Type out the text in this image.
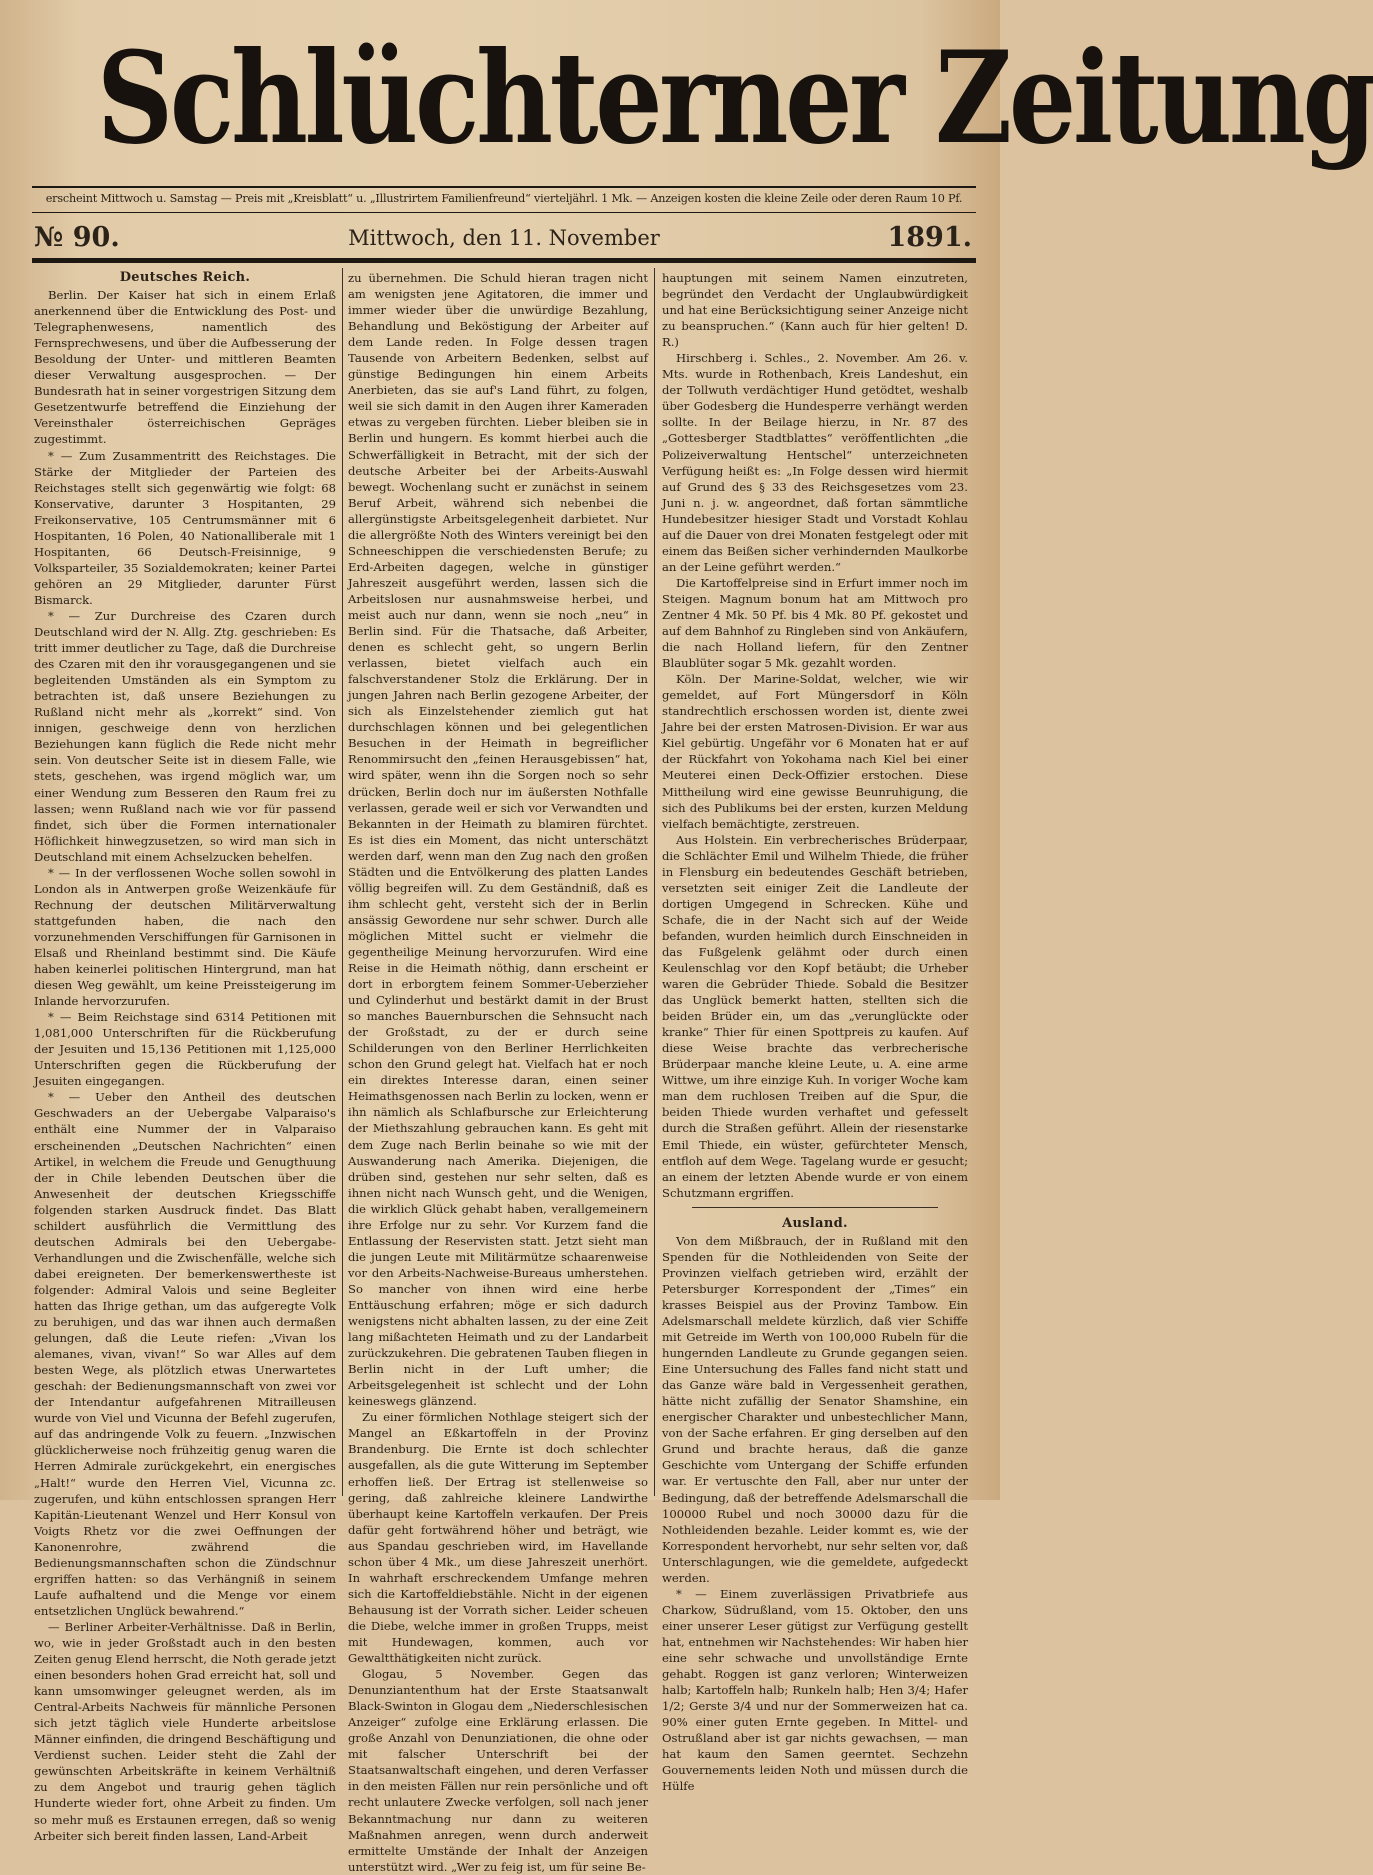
Schlüchterner Zeitung
erscheint Mittwoch u. Samstag — Preis mit „Kreisblatt“ u. „Illustrirtem Familienfreund“ vierteljährl. 1 Mk. — Anzeigen kosten die kleine Zeile oder deren Raum 10 Pf.
№ 90.	Mittwoch, den 11. November	1891.
Deutsches Reich.

Berlin. Der Kaiser hat sich in einem Erlaß anerkennend über die Entwicklung des Post- und Telegraphenwesens, namentlich des Fernsprechwesens, und über die Aufbesserung der Besoldung der Unter- und mittleren Beamten dieser Verwaltung ausgesprochen. — Der Bundesrath hat in seiner vorgestrigen Sitzung dem Gesetzentwurfe betreffend die Einziehung der Vereinsthaler österreichischen Gepräges zugestimmt.

* — Zum Zusammentritt des Reichstages. Die Stärke der Mitglieder der Parteien des Reichstages stellt sich gegenwärtig wie folgt: 68 Konservative, darunter 3 Hospitanten, 29 Freikonservative, 105 Centrumsmänner mit 6 Hospitanten, 16 Polen, 40 Nationalliberale mit 1 Hospitanten, 66 Deutsch-Freisinnige, 9 Volksparteiler, 35 Sozialdemokraten; keiner Partei gehören an 29 Mitglieder, darunter Fürst Bismarck.

* — Zur Durchreise des Czaren durch Deutschland wird der N. Allg. Ztg. geschrieben: Es tritt immer deutlicher zu Tage, daß die Durchreise des Czaren mit den ihr vorausgegangenen und sie begleitenden Umständen als ein Symptom zu betrachten ist, daß unsere Beziehungen zu Rußland nicht mehr als „korrekt“ sind. Von innigen, geschweige denn von herzlichen Beziehungen kann füglich die Rede nicht mehr sein. Von deutscher Seite ist in diesem Falle, wie stets, geschehen, was irgend möglich war, um einer Wendung zum Besseren den Raum frei zu lassen; wenn Rußland nach wie vor für passend findet, sich über die Formen internationaler Höflichkeit hinwegzusetzen, so wird man sich in Deutschland mit einem Achselzucken behelfen.

* — In der verflossenen Woche sollen sowohl in London als in Antwerpen große Weizenkäufe für Rechnung der deutschen Militärverwaltung stattgefunden haben, die nach den vorzunehmenden Verschiffungen für Garnisonen in Elsaß und Rheinland bestimmt sind. Die Käufe haben keinerlei politischen Hintergrund, man hat diesen Weg gewählt, um keine Preissteigerung im Inlande hervorzurufen.

* — Beim Reichstage sind 6314 Petitionen mit 1,081,000 Unterschriften für die Rückberufung der Jesuiten und 15,136 Petitionen mit 1,125,000 Unterschriften gegen die Rückberufung der Jesuiten eingegangen.

* — Ueber den Antheil des deutschen Geschwaders an der Uebergabe Valparaiso's enthält eine Nummer der in Valparaiso erscheinenden „Deutschen Nachrichten“ einen Artikel, in welchem die Freude und Genugthuung der in Chile lebenden Deutschen über die Anwesenheit der deutschen Kriegsschiffe folgenden starken Ausdruck findet. Das Blatt schildert ausführlich die Vermittlung des deutschen Admirals bei den Uebergabe-Verhandlungen und die Zwischenfälle, welche sich dabei ereigneten. Der bemerkenswertheste ist folgender: Admiral Valois und seine Begleiter hatten das Ihrige gethan, um das aufgeregte Volk zu beruhigen, und das war ihnen auch dermaßen gelungen, daß die Leute riefen: „Vivan los alemanes, vivan, vivan!“ So war Alles auf dem besten Wege, als plötzlich etwas Unerwartetes geschah: der Bedienungsmannschaft von zwei vor der Intendantur aufgefahrenen Mitrailleusen wurde von Viel und Vicunna der Befehl zugerufen, auf das andringende Volk zu feuern. „Inzwischen glücklicherweise noch frühzeitig genug waren die Herren Admirale zurückgekehrt, ein energisches „Halt!“ wurde den Herren Viel, Vicunna zc. zugerufen, und kühn entschlossen sprangen Herr Kapitän-Lieutenant Wenzel und Herr Konsul von Voigts Rhetz vor die zwei Oeffnungen der Kanonenrohre, zwährend die Bedienungsmannschaften schon die Zündschnur ergriffen hatten: so das Verhängniß in seinem Laufe aufhaltend und die Menge vor einem entsetzlichen Unglück bewahrend.“

— Berliner Arbeiter-Verhältnisse. Daß in Berlin, wo, wie in jeder Großstadt auch in den besten Zeiten genug Elend herrscht, die Noth gerade jetzt einen besonders hohen Grad erreicht hat, soll und kann umsomwinger geleugnet werden, als im Central-Arbeits Nachweis für männliche Personen sich jetzt täglich viele Hunderte arbeitslose Männer einfinden, die dringend Beschäftigung und Verdienst suchen. Leider steht die Zahl der gewünschten Arbeitskräfte in keinem Verhältniß zu dem Angebot und traurig gehen täglich Hunderte wieder fort, ohne Arbeit zu finden. Um so mehr muß es Erstaunen erregen, daß so wenig Arbeiter sich bereit finden lassen, Land-Arbeit

zu übernehmen. Die Schuld hieran tragen nicht am wenigsten jene Agitatoren, die immer und immer wieder über die unwürdige Bezahlung, Behandlung und Beköstigung der Arbeiter auf dem Lande reden. In Folge dessen tragen Tausende von Arbeitern Bedenken, selbst auf günstige Bedingungen hin einem Arbeits Anerbieten, das sie auf's Land führt, zu folgen, weil sie sich damit in den Augen ihrer Kameraden etwas zu vergeben fürchten. Lieber bleiben sie in Berlin und hungern. Es kommt hierbei auch die Schwerfälligkeit in Betracht, mit der sich der deutsche Arbeiter bei der Arbeits-Auswahl bewegt. Wochenlang sucht er zunächst in seinem Beruf Arbeit, während sich nebenbei die allergünstigste Arbeitsgelegenheit darbietet. Nur die allergrößte Noth des Winters vereinigt bei den Schneeschippen die verschiedensten Berufe; zu Erd-Arbeiten dagegen, welche in günstiger Jahreszeit ausgeführt werden, lassen sich die Arbeitslosen nur ausnahmsweise herbei, und meist auch nur dann, wenn sie noch „neu“ in Berlin sind. Für die Thatsache, daß Arbeiter, denen es schlecht geht, so ungern Berlin verlassen, bietet vielfach auch ein falschverstandener Stolz die Erklärung. Der in jungen Jahren nach Berlin gezogene Arbeiter, der sich als Einzelstehender ziemlich gut hat durchschlagen können und bei gelegentlichen Besuchen in der Heimath in begreiflicher Renommirsucht den „feinen Herausgebissen“ hat, wird später, wenn ihn die Sorgen noch so sehr drücken, Berlin doch nur im äußersten Nothfalle verlassen, gerade weil er sich vor Verwandten und Bekannten in der Heimath zu blamiren fürchtet. Es ist dies ein Moment, das nicht unterschätzt werden darf, wenn man den Zug nach den großen Städten und die Entvölkerung des platten Landes völlig begreifen will. Zu dem Geständniß, daß es ihm schlecht geht, versteht sich der in Berlin ansässig Gewordene nur sehr schwer. Durch alle möglichen Mittel sucht er vielmehr die gegentheilige Meinung hervorzurufen. Wird eine Reise in die Heimath nöthig, dann erscheint er dort in erborgtem feinem Sommer-Ueberzieher und Cylinderhut und bestärkt damit in der Brust so manches Bauernburschen die Sehnsucht nach der Großstadt, zu der er durch seine Schilderungen von den Berliner Herrlichkeiten schon den Grund gelegt hat. Vielfach hat er noch ein direktes Interesse daran, einen seiner Heimathsgenossen nach Berlin zu locken, wenn er ihn nämlich als Schlafbursche zur Erleichterung der Miethszahlung gebrauchen kann. Es geht mit dem Zuge nach Berlin beinahe so wie mit der Auswanderung nach Amerika. Diejenigen, die drüben sind, gestehen nur sehr selten, daß es ihnen nicht nach Wunsch geht, und die Wenigen, die wirklich Glück gehabt haben, verallgemeinern ihre Erfolge nur zu sehr. Vor Kurzem fand die Entlassung der Reservisten statt. Jetzt sieht man die jungen Leute mit Militärmütze schaarenweise vor den Arbeits-Nachweise-Bureaus umherstehen. So mancher von ihnen wird eine herbe Enttäuschung erfahren; möge er sich dadurch wenigstens nicht abhalten lassen, zu der eine Zeit lang mißachteten Heimath und zu der Landarbeit zurückzukehren. Die gebratenen Tauben fliegen in Berlin nicht in der Luft umher; die Arbeitsgelegenheit ist schlecht und der Lohn keineswegs glänzend.

Zu einer förmlichen Nothlage steigert sich der Mangel an Eßkartoffeln in der Provinz Brandenburg. Die Ernte ist doch schlechter ausgefallen, als die gute Witterung im September erhoffen ließ. Der Ertrag ist stellenweise so gering, daß zahlreiche kleinere Landwirthe überhaupt keine Kartoffeln verkaufen. Der Preis dafür geht fortwährend höher und beträgt, wie aus Spandau geschrieben wird, im Havellande schon über 4 Mk., um diese Jahreszeit unerhört. In wahrhaft erschreckendem Umfange mehren sich die Kartoffeldiebstähle. Nicht in der eigenen Behausung ist der Vorrath sicher. Leider scheuen die Diebe, welche immer in großen Trupps, meist mit Hundewagen, kommen, auch vor Gewaltthätigkeiten nicht zurück.

Glogau, 5 November. Gegen das Denunziantenthum hat der Erste Staatsanwalt Black-Swinton in Glogau dem „Niederschlesischen Anzeiger“ zufolge eine Erklärung erlassen. Die große Anzahl von Denunziationen, die ohne oder mit falscher Unterschrift bei der Staatsanwaltschaft eingehen, und deren Verfasser in den meisten Fällen nur rein persönliche und oft recht unlautere Zwecke verfolgen, soll nach jener Bekanntmachung nur dann zu weiteren Maßnahmen anregen, wenn durch anderweit ermittelte Umstände der Inhalt der Anzeigen unterstützt wird. „Wer zu feig ist, um für seine Be-

hauptungen mit seinem Namen einzutreten, begründet den Verdacht der Unglaubwürdigkeit und hat eine Berücksichtigung seiner Anzeige nicht zu beanspruchen.“ (Kann auch für hier gelten! D. R.)

Hirschberg i. Schles., 2. November. Am 26. v. Mts. wurde in Rothenbach, Kreis Landeshut, ein der Tollwuth verdächtiger Hund getödtet, weshalb über Godesberg die Hundesperre verhängt werden sollte. In der Beilage hierzu, in Nr. 87 des „Gottesberger Stadtblattes“ veröffentlichten „die Polizeiverwaltung Hentschel“ unterzeichneten Verfügung heißt es: „In Folge dessen wird hiermit auf Grund des § 33 des Reichsgesetzes vom 23. Juni n. j. w. angeordnet, daß fortan sämmtliche Hundebesitzer hiesiger Stadt und Vorstadt Kohlau auf die Dauer von drei Monaten festgelegt oder mit einem das Beißen sicher verhindernden Maulkorbe an der Leine geführt werden.“

Die Kartoffelpreise sind in Erfurt immer noch im Steigen. Magnum bonum hat am Mittwoch pro Zentner 4 Mk. 50 Pf. bis 4 Mk. 80 Pf. gekostet und auf dem Bahnhof zu Ringleben sind von Ankäufern, die nach Holland liefern, für den Zentner Blaublüter sogar 5 Mk. gezahlt worden.

Köln. Der Marine-Soldat, welcher, wie wir gemeldet, auf Fort Müngersdorf in Köln standrechtlich erschossen worden ist, diente zwei Jahre bei der ersten Matrosen-Division. Er war aus Kiel gebürtig. Ungefähr vor 6 Monaten hat er auf der Rückfahrt von Yokohama nach Kiel bei einer Meuterei einen Deck-Offizier erstochen. Diese Mittheilung wird eine gewisse Beunruhigung, die sich des Publikums bei der ersten, kurzen Meldung vielfach bemächtigte, zerstreuen.

Aus Holstein. Ein verbrecherisches Brüderpaar, die Schlächter Emil und Wilhelm Thiede, die früher in Flensburg ein bedeutendes Geschäft betrieben, versetzten seit einiger Zeit die Landleute der dortigen Umgegend in Schrecken. Kühe und Schafe, die in der Nacht sich auf der Weide befanden, wurden heimlich durch Einschneiden in das Fußgelenk gelähmt oder durch einen Keulenschlag vor den Kopf betäubt; die Urheber waren die Gebrüder Thiede. Sobald die Besitzer das Unglück bemerkt hatten, stellten sich die beiden Brüder ein, um das „verunglückte oder kranke“ Thier für einen Spottpreis zu kaufen. Auf diese Weise brachte das verbrecherische Brüderpaar manche kleine Leute, u. A. eine arme Wittwe, um ihre einzige Kuh. In voriger Woche kam man dem ruchlosen Treiben auf die Spur, die beiden Thiede wurden verhaftet und gefesselt durch die Straßen geführt. Allein der riesenstarke Emil Thiede, ein wüster, gefürchteter Mensch, entfloh auf dem Wege. Tagelang wurde er gesucht; an einem der letzten Abende wurde er von einem Schutzmann ergriffen.

Ausland.

Von dem Mißbrauch, der in Rußland mit den Spenden für die Nothleidenden von Seite der Provinzen vielfach getrieben wird, erzählt der Petersburger Korrespondent der „Times“ ein krasses Beispiel aus der Provinz Tambow. Ein Adelsmarschall meldete kürzlich, daß vier Schiffe mit Getreide im Werth von 100,000 Rubeln für die hungernden Landleute zu Grunde gegangen seien. Eine Untersuchung des Falles fand nicht statt und das Ganze wäre bald in Vergessenheit gerathen, hätte nicht zufällig der Senator Shamshine, ein energischer Charakter und unbestechlicher Mann, von der Sache erfahren. Er ging derselben auf den Grund und brachte heraus, daß die ganze Geschichte vom Untergang der Schiffe erfunden war. Er vertuschte den Fall, aber nur unter der Bedingung, daß der betreffende Adelsmarschall die 100000 Rubel und noch 30000 dazu für die Nothleidenden bezahle. Leider kommt es, wie der Korrespondent hervorhebt, nur sehr selten vor, daß Unterschlagungen, wie die gemeldete, aufgedeckt werden.

* — Einem zuverlässigen Privatbriefe aus Charkow, Südrußland, vom 15. Oktober, den uns einer unserer Leser gütigst zur Verfügung gestellt hat, entnehmen wir Nachstehendes: Wir haben hier eine sehr schwache und unvollständige Ernte gehabt. Roggen ist ganz verloren; Winterweizen halb; Kartoffeln halb; Runkeln halb; Hen 3/4; Hafer 1/2; Gerste 3/4 und nur der Sommerweizen hat ca. 90% einer guten Ernte gegeben. In Mittel- und Ostrußland aber ist gar nichts gewachsen, — man hat kaum den Samen geerntet. Sechzehn Gouvernements leiden Noth und müssen durch die Hülfe
